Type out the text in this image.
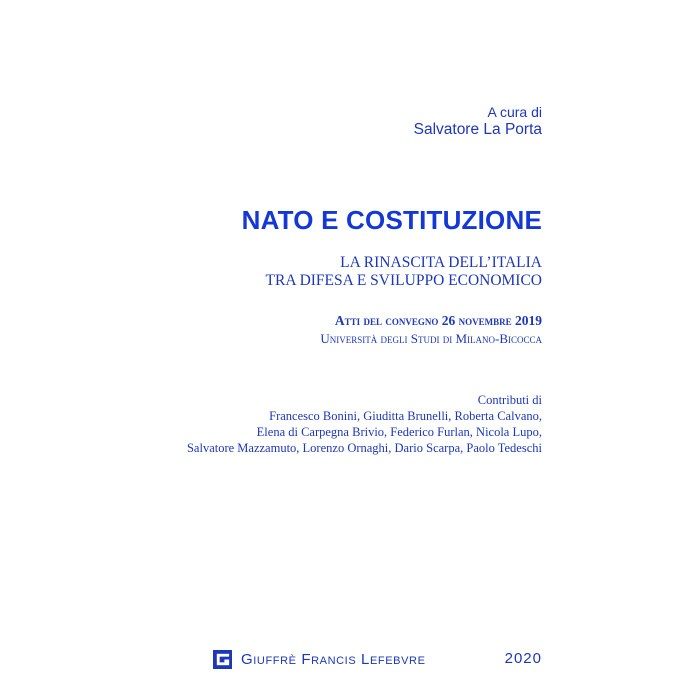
A cura di
Salvatore La Porta
NATO E COSTITUZIONE
LA RINASCITA DELL’ITALIA
TRA DIFESA E SVILUPPO ECONOMICO
Atti del convegno 26 novembre 2019
Università degli Studi di Milano-Bicocca
Contributi di
Francesco Bonini, Giuditta Brunelli, Roberta Calvano,
Elena di Carpegna Brivio, Federico Furlan, Nicola Lupo,
Salvatore Mazzamuto, Lorenzo Ornaghi, Dario Scarpa, Paolo Tedeschi
Giuffrè Francis Lefebvre	2020
